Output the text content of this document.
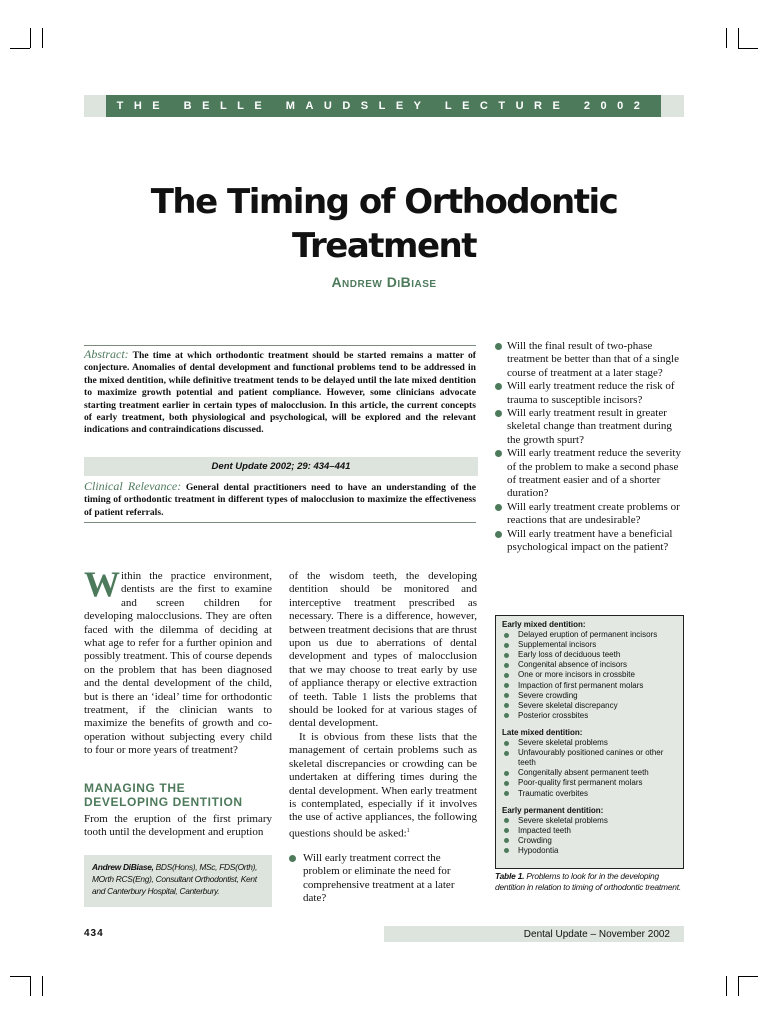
THE BELLE MAUDSLEY LECTURE 2002
The Timing of Orthodontic
Treatment
Andrew DiBiase
Abstract: The time at which orthodontic treatment should be started remains a matter of conjecture. Anomalies of dental development and functional problems tend to be addressed in the mixed dentition, while definitive treatment tends to be delayed until the late mixed dentition to maximize growth potential and patient compliance. However, some clinicians advocate starting treatment earlier in certain types of malocclusion. In this article, the current concepts of early treatment, both physiological and psychological, will be explored and the relevant indications and contraindications discussed.
Dent Update 2002; 29: 434–441
Clinical Relevance: General dental practitioners need to have an understanding of the timing of orthodontic treatment in different types of malocclusion to maximize the effectiveness of patient referrals.
Within the practice environment, dentists are the first to examine and screen children for developing malocclusions. They are often faced with the dilemma of deciding at what age to refer for a further opinion and possibly treatment. This of course depends on the problem that has been diagnosed and the dental development of the child, but is there an ‘ideal’ time for orthodontic treatment, if the clinician wants to maximize the benefits of growth and co-operation without subjecting every child to four or more years of treatment?
MANAGING THE
DEVELOPING DENTITION
From the eruption of the first primary tooth until the development and eruption
Andrew DiBiase, BDS(Hons), MSc, FDS(Orth), MOrth RCS(Eng), Consultant Orthodontist, Kent and Canterbury Hospital, Canterbury.
of the wisdom teeth, the developing dentition should be monitored and interceptive treatment prescribed as necessary. There is a difference, however, between treatment decisions that are thrust upon us due to aberrations of dental development and types of malocclusion that we may choose to treat early by use of appliance therapy or elective extraction of teeth. Table 1 lists the problems that should be looked for at various stages of dental development.
It is obvious from these lists that the management of certain problems such as skeletal discrepancies or crowding can be undertaken at differing times during the dental development. When early treatment is contemplated, especially if it involves the use of active appliances, the following questions should be asked:$^1$
Will early treatment correct the problem or eliminate the need for comprehensive treatment at a later date?
Will the final result of two-phase treatment be better than that of a single course of treatment at a later stage?
Will early treatment reduce the risk of trauma to susceptible incisors?
Will early treatment result in greater skeletal change than treatment during the growth spurt?
Will early treatment reduce the severity of the problem to make a second phase of treatment easier and of a shorter duration?
Will early treatment create problems or reactions that are undesirable?
Will early treatment have a beneficial psychological impact on the patient?
Early mixed dentition:
Delayed eruption of permanent incisors
Supplemental incisors
Early loss of deciduous teeth
Congenital absence of incisors
One or more incisors in crossbite
Impaction of first permanent molars
Severe crowding
Severe skeletal discrepancy
Posterior crossbites
Late mixed dentition:
Severe skeletal problems
Unfavourably positioned canines or other teeth
Congenitally absent permanent teeth
Poor-quality first permanent molars
Traumatic overbites
Early permanent dentition:
Severe skeletal problems
Impacted teeth
Crowding
Hypodontia
Table 1. Problems to look for in the developing dentition in relation to timing of orthodontic treatment.
434	Dental Update – November 2002
